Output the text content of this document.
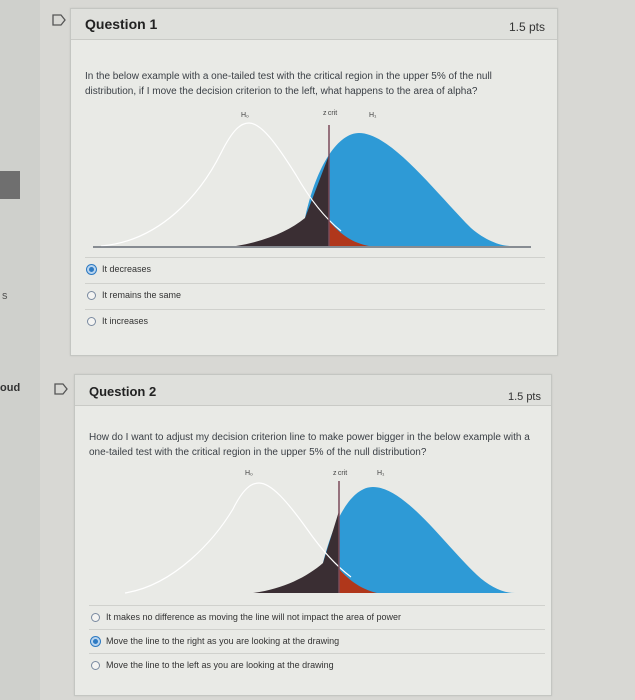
s
oud
Question 1	1.5 pts
In the below example with a one-tailed test with the critical region in the upper 5% of the null distribution, if I move the decision criterion to the left, what happens to the area of alpha?
H₀	z crit	H₁
It decreases
It remains the same
It increases
Question 2	1.5 pts
How do I want to adjust my decision criterion line to make power bigger in the below example with a one-tailed test with the critical region in the upper 5% of the null distribution?
H₀	z crit	H₁
It makes no difference as moving the line will not impact the area of power
Move the line to the right as you are looking at the drawing
Move the line to the left as you are looking at the drawing
